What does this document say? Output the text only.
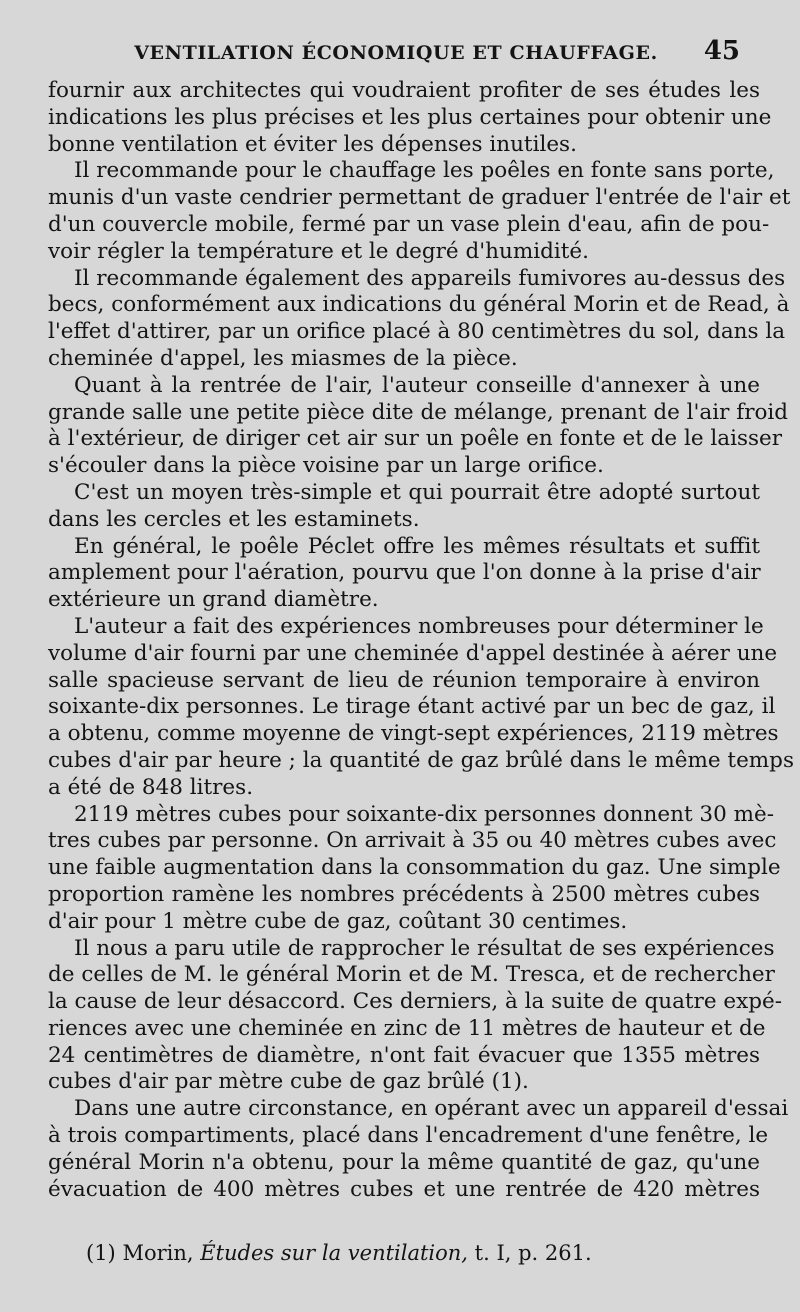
VENTILATION ÉCONOMIQUE ET CHAUFFAGE.	45
fournir aux architectes qui voudraient profiter de ses études les
indications les plus précises et les plus certaines pour obtenir une
bonne ventilation et éviter les dépenses inutiles.
Il recommande pour le chauffage les poêles en fonte sans porte,
munis d'un vaste cendrier permettant de graduer l'entrée de l'air et
d'un couvercle mobile, fermé par un vase plein d'eau, afin de pou-
voir régler la température et le degré d'humidité.
Il recommande également des appareils fumivores au-dessus des
becs, conformément aux indications du général Morin et de Read, à
l'effet d'attirer, par un orifice placé à 80 centimètres du sol, dans la
cheminée d'appel, les miasmes de la pièce.
Quant à la rentrée de l'air, l'auteur conseille d'annexer à une
grande salle une petite pièce dite de mélange, prenant de l'air froid
à l'extérieur, de diriger cet air sur un poêle en fonte et de le laisser
s'écouler dans la pièce voisine par un large orifice.
C'est un moyen très-simple et qui pourrait être adopté surtout
dans les cercles et les estaminets.
En général, le poêle Péclet offre les mêmes résultats et suffit
amplement pour l'aération, pourvu que l'on donne à la prise d'air
extérieure un grand diamètre.
L'auteur a fait des expériences nombreuses pour déterminer le
volume d'air fourni par une cheminée d'appel destinée à aérer une
salle spacieuse servant de lieu de réunion temporaire à environ
soixante-dix personnes. Le tirage étant activé par un bec de gaz, il
a obtenu, comme moyenne de vingt-sept expériences, 2119 mètres
cubes d'air par heure ; la quantité de gaz brûlé dans le même temps
a été de 848 litres.
2119 mètres cubes pour soixante-dix personnes donnent 30 mè-
tres cubes par personne. On arrivait à 35 ou 40 mètres cubes avec
une faible augmentation dans la consommation du gaz. Une simple
proportion ramène les nombres précédents à 2500 mètres cubes
d'air pour 1 mètre cube de gaz, coûtant 30 centimes.
Il nous a paru utile de rapprocher le résultat de ses expériences
de celles de M. le général Morin et de M. Tresca, et de rechercher
la cause de leur désaccord. Ces derniers, à la suite de quatre expé-
riences avec une cheminée en zinc de 11 mètres de hauteur et de
24 centimètres de diamètre, n'ont fait évacuer que 1355 mètres
cubes d'air par mètre cube de gaz brûlé (1).
Dans une autre circonstance, en opérant avec un appareil d'essai
à trois compartiments, placé dans l'encadrement d'une fenêtre, le
général Morin n'a obtenu, pour la même quantité de gaz, qu'une
évacuation de 400 mètres cubes et une rentrée de 420 mètres
(1) Morin, Études sur la ventilation, t. I, p. 261.
